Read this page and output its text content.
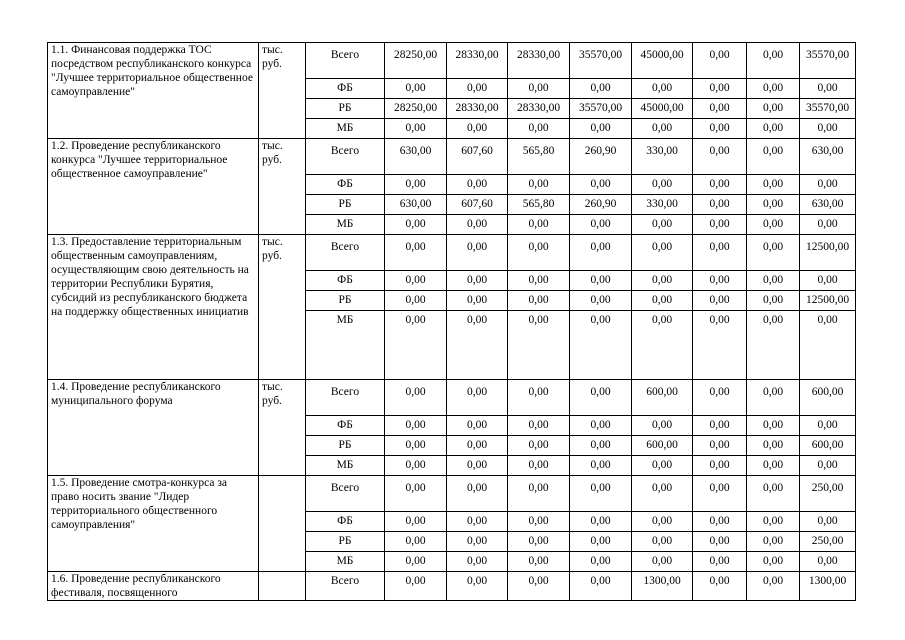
1.1. Финансовая поддержка ТОС посредством республиканского конкурса "Лучшее территориальное общественное самоуправление"	тыс. руб.	Всего	28250,00	28330,00	28330,00	35570,00	45000,00	0,00	0,00	35570,00
		ФБ	0,00	0,00	0,00	0,00	0,00	0,00	0,00	0,00
		РБ	28250,00	28330,00	28330,00	35570,00	45000,00	0,00	0,00	35570,00
		МБ	0,00	0,00	0,00	0,00	0,00	0,00	0,00	0,00
1.2. Проведение республиканского конкурса "Лучшее территориальное общественное самоуправление"	тыс. руб.	Всего	630,00	607,60	565,80	260,90	330,00	0,00	0,00	630,00
		ФБ	0,00	0,00	0,00	0,00	0,00	0,00	0,00	0,00
		РБ	630,00	607,60	565,80	260,90	330,00	0,00	0,00	630,00
		МБ	0,00	0,00	0,00	0,00	0,00	0,00	0,00	0,00
1.3. Предоставление территориальным общественным самоуправлениям, осуществляющим свою деятельность на территории Республики Бурятия, субсидий из республиканского бюджета на поддержку общественных инициатив	тыс. руб.	Всего	0,00	0,00	0,00	0,00	0,00	0,00	0,00	12500,00
		ФБ	0,00	0,00	0,00	0,00	0,00	0,00	0,00	0,00
		РБ	0,00	0,00	0,00	0,00	0,00	0,00	0,00	12500,00
		МБ	0,00	0,00	0,00	0,00	0,00	0,00	0,00	0,00
1.4. Проведение республиканского муниципального форума	тыс. руб.	Всего	0,00	0,00	0,00	0,00	600,00	0,00	0,00	600,00
		ФБ	0,00	0,00	0,00	0,00	0,00	0,00	0,00	0,00
		РБ	0,00	0,00	0,00	0,00	600,00	0,00	0,00	600,00
		МБ	0,00	0,00	0,00	0,00	0,00	0,00	0,00	0,00
1.5. Проведение смотра-конкурса за право носить звание "Лидер территориального общественного самоуправления"		Всего	0,00	0,00	0,00	0,00	0,00	0,00	0,00	250,00
		ФБ	0,00	0,00	0,00	0,00	0,00	0,00	0,00	0,00
		РБ	0,00	0,00	0,00	0,00	0,00	0,00	0,00	250,00
		МБ	0,00	0,00	0,00	0,00	0,00	0,00	0,00	0,00
1.6. Проведение республиканского фестиваля, посвященного		Всего	0,00	0,00	0,00	0,00	1300,00	0,00	0,00	1300,00
